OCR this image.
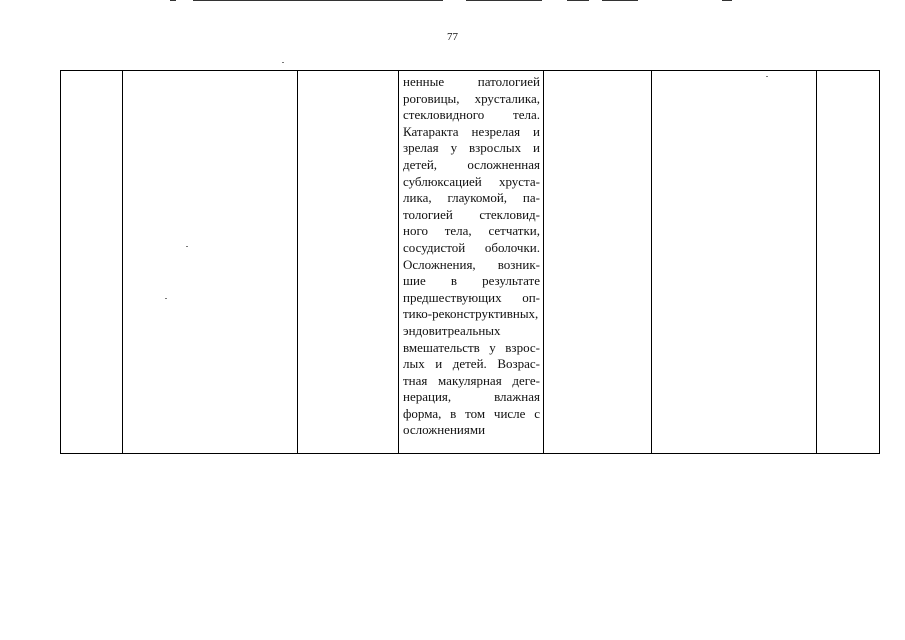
77

ненные патологией роговицы, хрусталика, стекловидного тела. Катаракта незрелая и зрелая у взрослых и детей, осложненная сублюксацией хруста-лика, глаукомой, па-тологией стекловид-ного тела, сетчатки, сосудистой оболочки. Осложнения, возник-шие в результате предшествующих оп-тико-реконструктивных, эндовитреальных вмешательств у взрос-лых и детей. Возрас-тная макулярная деге-нерация, влажная форма, в том числе с осложнениями
